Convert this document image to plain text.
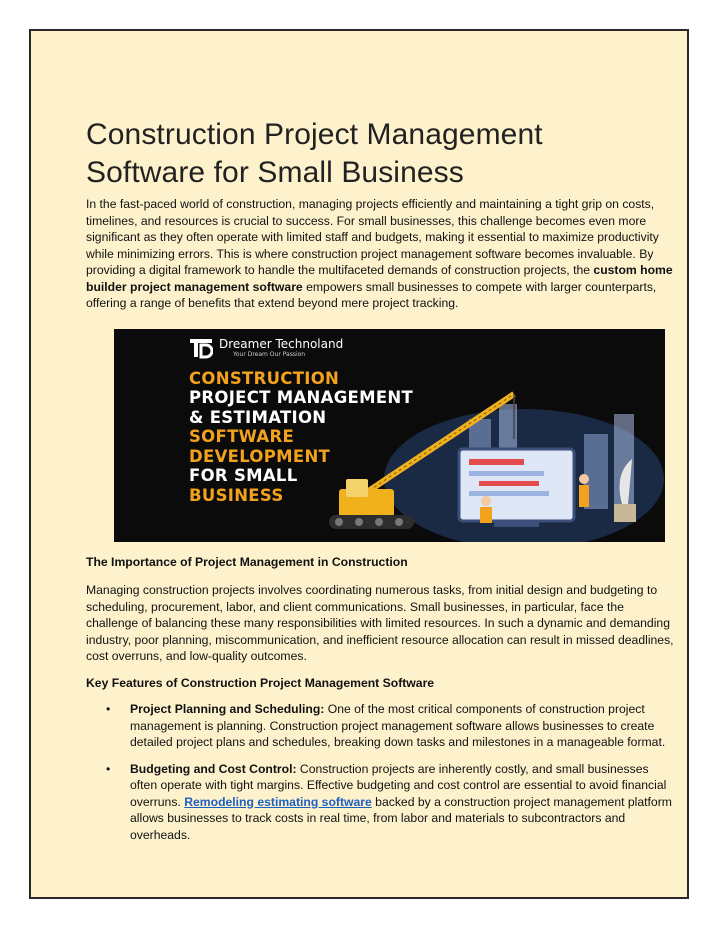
Construction Project Management
Software for Small Business

In the fast-paced world of construction, managing projects efficiently and maintaining a tight grip on costs, timelines, and resources is crucial to success. For small businesses, this challenge becomes even more significant as they often operate with limited staff and budgets, making it essential to maximize productivity while minimizing errors. This is where construction project management software becomes invaluable. By providing a digital framework to handle the multifaceted demands of construction projects, the custom home builder project management software empowers small businesses to compete with larger counterparts, offering a range of benefits that extend beyond mere project tracking.

Dreamer Technoland
Your Dream Our Passion
CONSTRUCTION
PROJECT MANAGEMENT
& ESTIMATION
SOFTWARE
DEVELOPMENT
FOR SMALL
BUSINESS
The Importance of Project Management in Construction

Managing construction projects involves coordinating numerous tasks, from initial design and budgeting to scheduling, procurement, labor, and client communications. Small businesses, in particular, face the challenge of balancing these many responsibilities with limited resources. In such a dynamic and demanding industry, poor planning, miscommunication, and inefficient resource allocation can result in missed deadlines, cost overruns, and low-quality outcomes.

Key Features of Construction Project Management Software
• Project Planning and Scheduling: One of the most critical components of construction project management is planning. Construction project management software allows businesses to create detailed project plans and schedules, breaking down tasks and milestones in a manageable format.
• Budgeting and Cost Control: Construction projects are inherently costly, and small businesses often operate with tight margins. Effective budgeting and cost control are essential to avoid financial overruns. Remodeling estimating software backed by a construction project management platform allows businesses to track costs in real time, from labor and materials to subcontractors and overheads.
